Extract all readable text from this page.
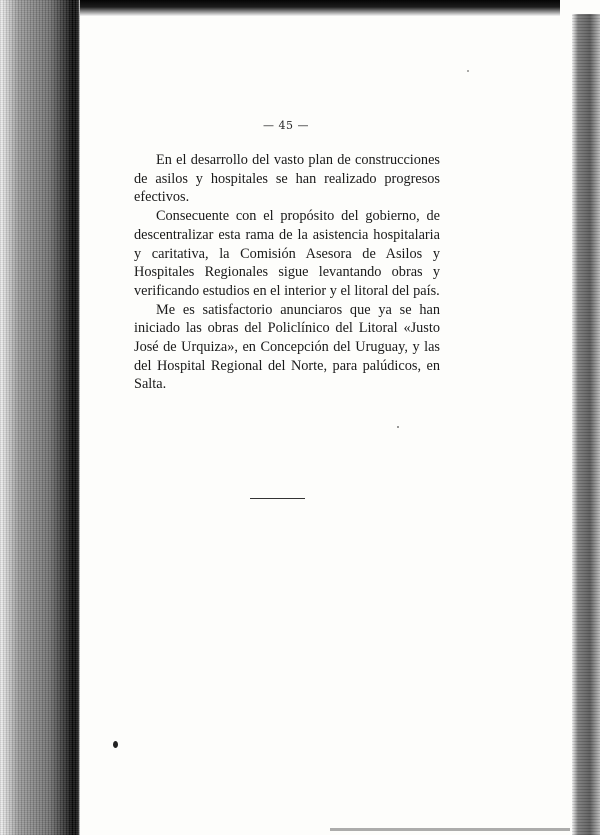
— 45 —

En el desarrollo del vasto plan de construcciones de asilos y hospitales se han realizado progresos efectivos.

Consecuente con el propósito del gobierno, de descentralizar esta rama de la asistencia hospitalaria y caritativa, la Comisión Asesora de Asilos y Hospitales Regionales sigue levantando obras y verificando estudios en el interior y el litoral del país.

Me es satisfactorio anunciaros que ya se han iniciado las obras del Policlínico del Litoral «Justo José de Urquiza», en Concepción del Uruguay, y las del Hospital Regional del Norte, para palúdicos, en Salta.
